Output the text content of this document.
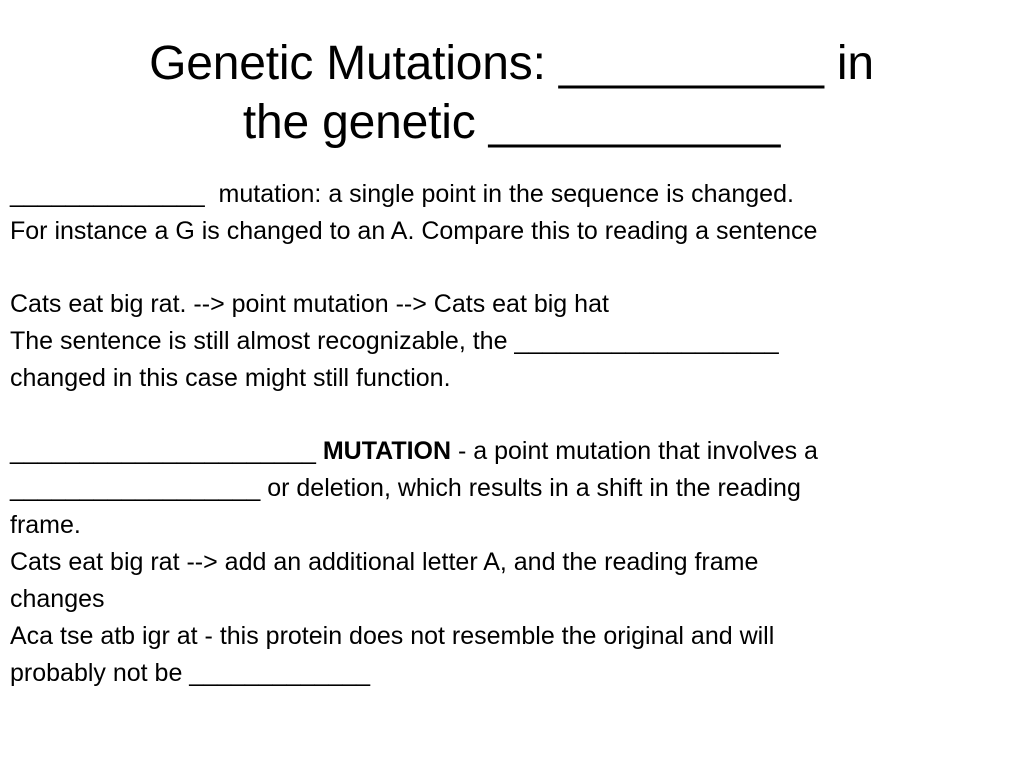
Genetic Mutations: __________ in
the genetic ___________
______________  mutation: a single point in the sequence is changed.
For instance a G is changed to an A. Compare this to reading a sentence
Cats eat big rat. --> point mutation --> Cats eat big hat
The sentence is still almost recognizable, the ___________________
changed in this case might still function.
______________________ MUTATION - a point mutation that involves a
__________________ or deletion, which results in a shift in the reading
frame.
Cats eat big rat --> add an additional letter A, and the reading frame
changes
Aca tse atb igr at - this protein does not resemble the original and will
probably not be _____________
